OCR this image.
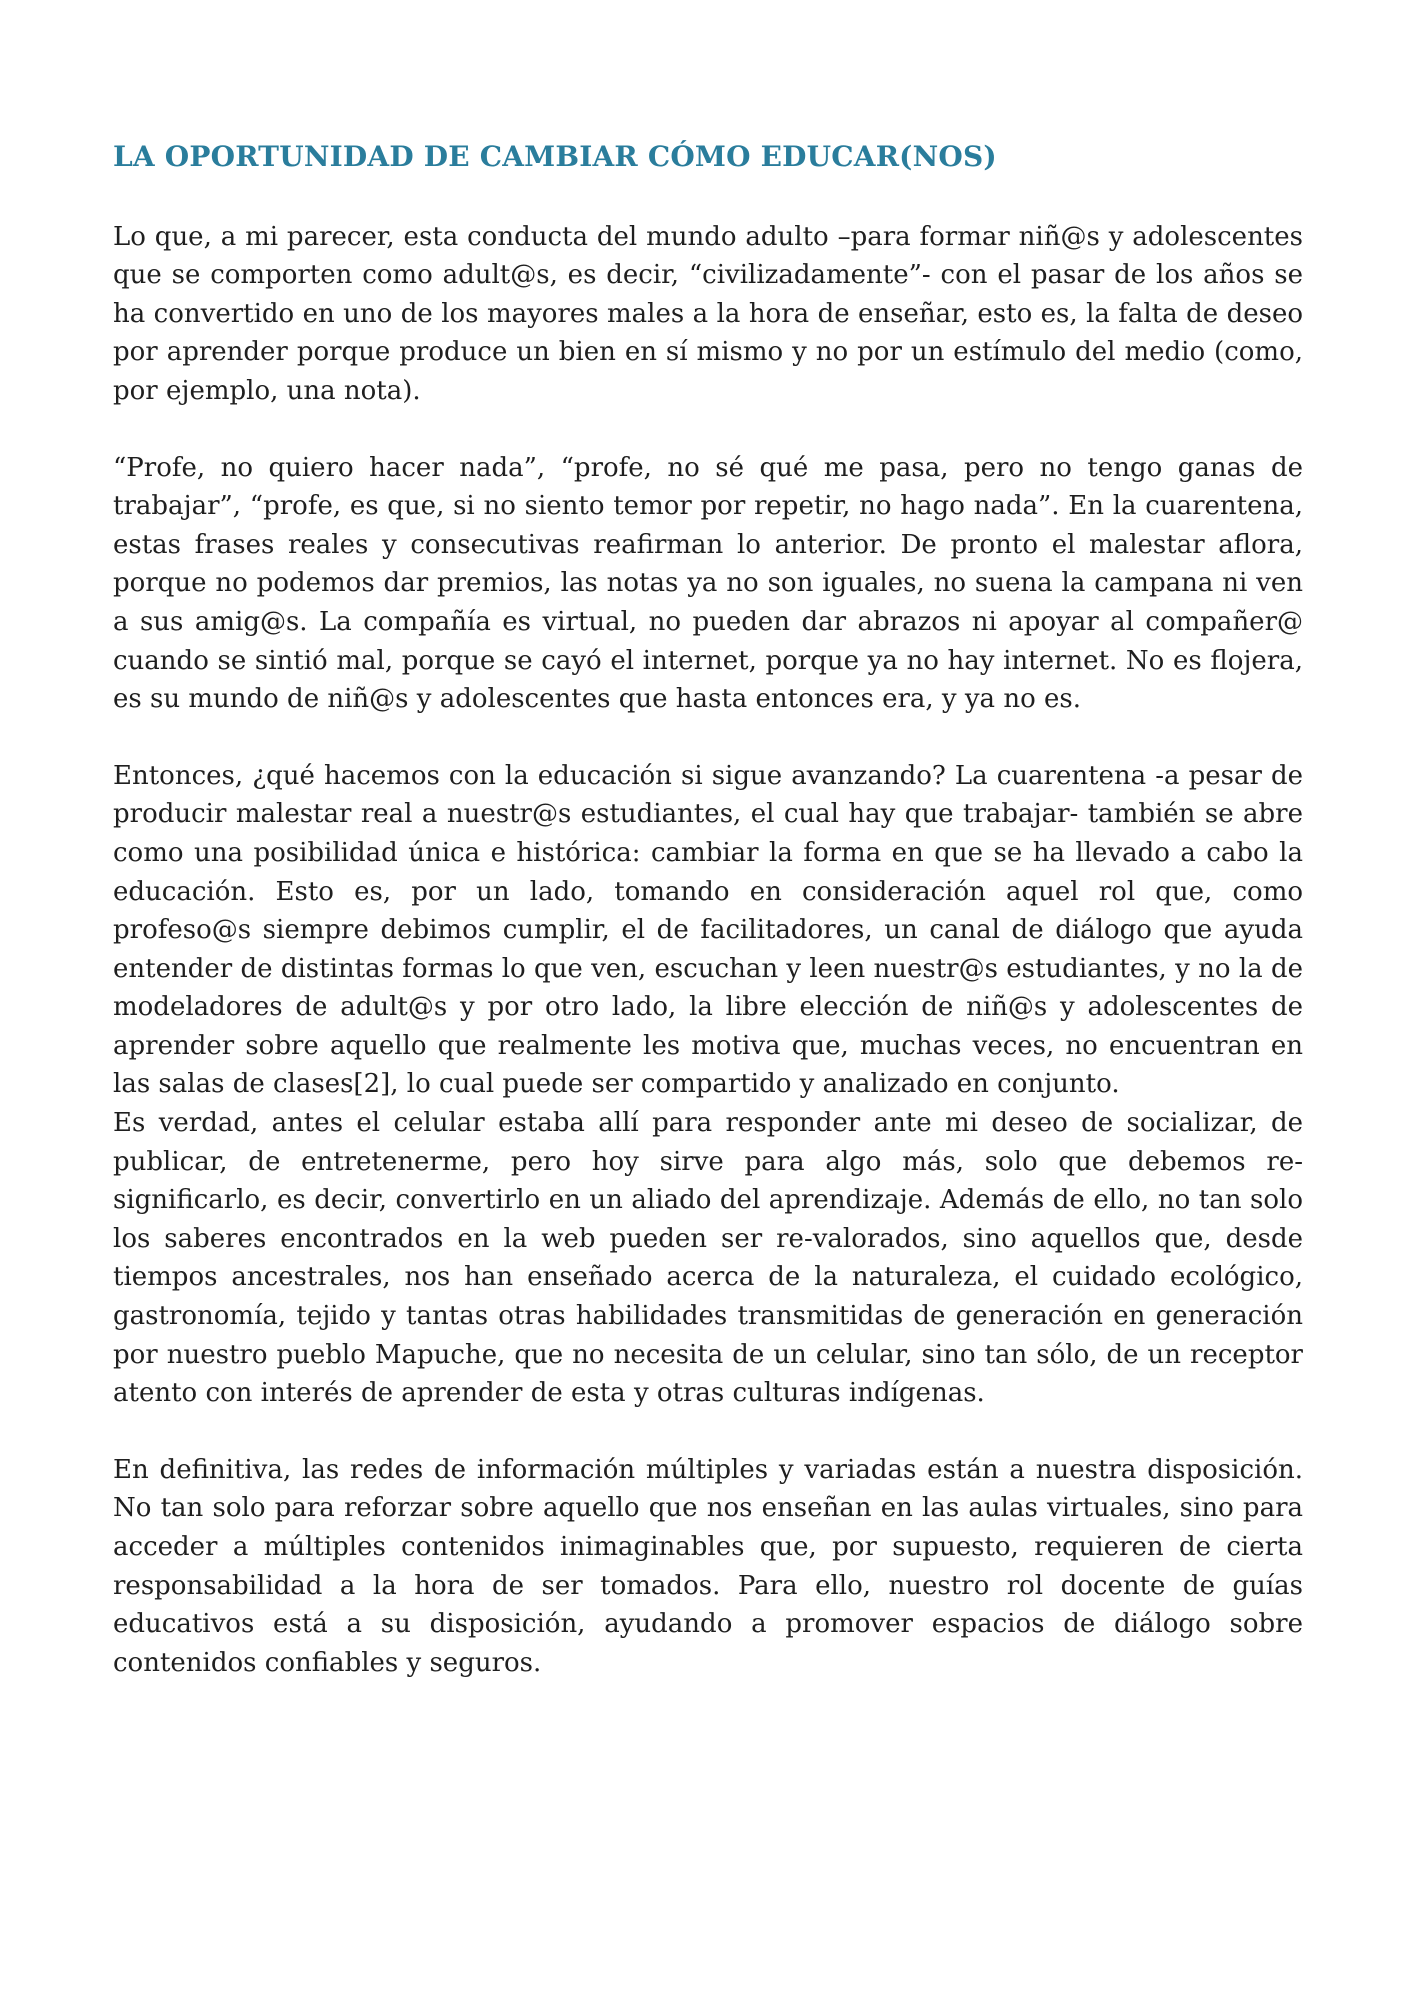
LA OPORTUNIDAD DE CAMBIAR CÓMO EDUCAR(NOS)

Lo que, a mi parecer, esta conducta del mundo adulto –para formar niñ@s y adolescentes que se comporten como adult@s, es decir, “civilizadamente”- con el pasar de los años se ha convertido en uno de los mayores males a la hora de enseñar, esto es, la falta de deseo por aprender porque produce un bien en sí mismo y no por un estímulo del medio (como, por ejemplo, una nota).

“Profe, no quiero hacer nada”, “profe, no sé qué me pasa, pero no tengo ganas de trabajar”, “profe, es que, si no siento temor por repetir, no hago nada”. En la cuarentena, estas frases reales y consecutivas reafirman lo anterior. De pronto el malestar aflora, porque no podemos dar premios, las notas ya no son iguales, no suena la campana ni ven a sus amig@s. La compañía es virtual, no pueden dar abrazos ni apoyar al compañer@ cuando se sintió mal, porque se cayó el internet, porque ya no hay internet. No es flojera, es su mundo de niñ@s y adolescentes que hasta entonces era, y ya no es.

Entonces, ¿qué hacemos con la educación si sigue avanzando? La cuarentena -a pesar de producir malestar real a nuestr@s estudiantes, el cual hay que trabajar- también se abre como una posibilidad única e histórica: cambiar la forma en que se ha llevado a cabo la educación. Esto es, por un lado, tomando en consideración aquel rol que, como profeso@s siempre debimos cumplir, el de facilitadores, un canal de diálogo que ayuda entender de distintas formas lo que ven, escuchan y leen nuestr@s estudiantes, y no la de modeladores de adult@s y por otro lado, la libre elección de niñ@s y adolescentes de aprender sobre aquello que realmente les motiva que, muchas veces, no encuentran en las salas de clases[2], lo cual puede ser compartido y analizado en conjunto.

Es verdad, antes el celular estaba allí para responder ante mi deseo de socializar, de publicar, de entretenerme, pero hoy sirve para algo más, solo que debemos re-significarlo, es decir, convertirlo en un aliado del aprendizaje. Además de ello, no tan solo los saberes encontrados en la web pueden ser re-valorados, sino aquellos que, desde tiempos ancestrales, nos han enseñado acerca de la naturaleza, el cuidado ecológico, gastronomía, tejido y tantas otras habilidades transmitidas de generación en generación por nuestro pueblo Mapuche, que no necesita de un celular, sino tan sólo, de un receptor atento con interés de aprender de esta y otras culturas indígenas.

En definitiva, las redes de información múltiples y variadas están a nuestra disposición. No tan solo para reforzar sobre aquello que nos enseñan en las aulas virtuales, sino para acceder a múltiples contenidos inimaginables que, por supuesto, requieren de cierta responsabilidad a la hora de ser tomados. Para ello, nuestro rol docente de guías educativos está a su disposición, ayudando a promover espacios de diálogo sobre contenidos confiables y seguros.
